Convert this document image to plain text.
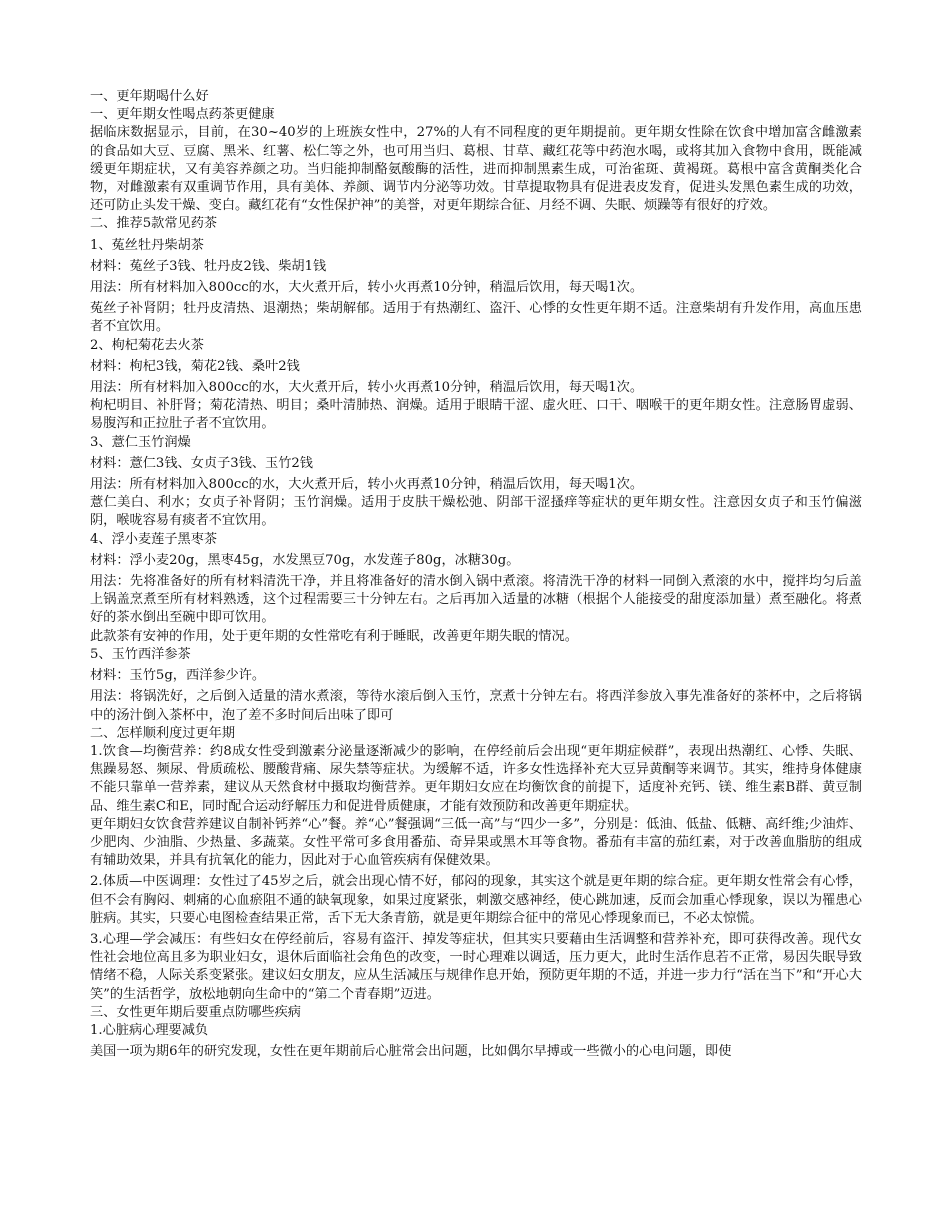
一、更年期喝什么好

一、更年期女性喝点药茶更健康

据临床数据显示，目前，在30~40岁的上班族女性中，27%的人有不同程度的更年期提前。更年期女性除在饮食中增加富含雌激素的食品如大豆、豆腐、黑米、红薯、松仁等之外，也可用当归、葛根、甘草、藏红花等中药泡水喝，或将其加入食物中食用，既能减缓更年期症状，又有美容养颜之功。当归能抑制酪氨酸酶的活性，进而抑制黑素生成，可治雀斑、黄褐斑。葛根中富含黄酮类化合物，对雌激素有双重调节作用，具有美体、养颜、调节内分泌等功效。甘草提取物具有促进表皮发育，促进头发黑色素生成的功效，还可防止头发干燥、变白。藏红花有“女性保护神”的美誉，对更年期综合征、月经不调、失眠、烦躁等有很好的疗效。

二、推荐5款常见药茶

1、菟丝牡丹柴胡茶

材料：菟丝子3钱、牡丹皮2钱、柴胡1钱

用法：所有材料加入800cc的水，大火煮开后，转小火再煮10分钟，稍温后饮用，每天喝1次。

菟丝子补肾阴；牡丹皮清热、退潮热；柴胡解郁。适用于有热潮红、盗汗、心悸的女性更年期不适。注意柴胡有升发作用，高血压患者不宜饮用。

2、枸杞菊花去火茶

材料：枸杞3钱，菊花2钱、桑叶2钱

用法：所有材料加入800cc的水，大火煮开后，转小火再煮10分钟，稍温后饮用，每天喝1次。

枸杞明目、补肝肾；菊花清热、明目；桑叶清肺热、润燥。适用于眼睛干涩、虚火旺、口干、咽喉干的更年期女性。注意肠胃虚弱、易腹泻和正拉肚子者不宜饮用。

3、薏仁玉竹润燥

材料：薏仁3钱、女贞子3钱、玉竹2钱

用法：所有材料加入800cc的水，大火煮开后，转小火再煮10分钟，稍温后饮用，每天喝1次。

薏仁美白、利水；女贞子补肾阴；玉竹润燥。适用于皮肤干燥松弛、阴部干涩搔痒等症状的更年期女性。注意因女贞子和玉竹偏滋阴，喉咙容易有痰者不宜饮用。

4、浮小麦莲子黑枣茶

材料：浮小麦20g，黑枣45g，水发黑豆70g，水发莲子80g，冰糖30g。

用法：先将准备好的所有材料清洗干净，并且将准备好的清水倒入锅中煮滚。将清洗干净的材料一同倒入煮滚的水中，搅拌均匀后盖上锅盖烹煮至所有材料熟透，这个过程需要三十分钟左右。之后再加入适量的冰糖（根据个人能接受的甜度添加量）煮至融化。将煮好的茶水倒出至碗中即可饮用。

此款茶有安神的作用，处于更年期的女性常吃有利于睡眠，改善更年期失眠的情况。

5、玉竹西洋参茶

材料：玉竹5g，西洋参少许。

用法：将锅洗好，之后倒入适量的清水煮滚，等待水滚后倒入玉竹，烹煮十分钟左右。将西洋参放入事先准备好的茶杯中，之后将锅中的汤汁倒入茶杯中，泡了差不多时间后出味了即可

二、怎样顺利度过更年期

1.饮食—均衡营养：约8成女性受到激素分泌量逐渐减少的影响，在停经前后会出现“更年期症候群”，表现出热潮红、心悸、失眠、焦躁易怒、频尿、骨质疏松、腰酸背痛、尿失禁等症状。为缓解不适，许多女性选择补充大豆异黄酮等来调节。其实，维持身体健康不能只靠单一营养素，建议从天然食材中摄取均衡营养。更年期妇女应在均衡饮食的前提下，适度补充钙、镁、维生素B群、黄豆制品、维生素C和E，同时配合运动纾解压力和促进骨质健康，才能有效预防和改善更年期症状。

更年期妇女饮食营养建议自制补钙养“心”餐。养“心”餐强调“三低一高”与“四少一多”，分别是：低油、低盐、低糖、高纤维;少油炸、少肥肉、少油脂、少热量、多蔬菜。女性平常可多食用番茄、奇异果或黑木耳等食物。番茄有丰富的茄红素，对于改善血脂肪的组成有辅助效果，并具有抗氧化的能力，因此对于心血管疾病有保健效果。

2.体质—中医调理：女性过了45岁之后，就会出现心情不好，郁闷的现象，其实这个就是更年期的综合症。更年期女性常会有心悸，但不会有胸闷、刺痛的心血瘀阻不通的缺氧现象，如果过度紧张，刺激交感神经，使心跳加速，反而会加重心悸现象，误以为罹患心脏病。其实，只要心电图检查结果正常，舌下无大条青筋，就是更年期综合征中的常见心悸现象而已，不必太惊慌。

3.心理—学会减压：有些妇女在停经前后，容易有盗汗、掉发等症状，但其实只要藉由生活调整和营养补充，即可获得改善。现代女性社会地位高且多为职业妇女，退休后面临社会角色的改变，一时心理难以调适，压力更大，此时生活作息若不正常，易因失眠导致情绪不稳，人际关系变紧张。建议妇女朋友，应从生活减压与规律作息开始，预防更年期的不适，并进一步力行“活在当下”和“开心大笑”的生活哲学，放松地朝向生命中的“第二个青春期”迈进。

三、女性更年期后要重点防哪些疾病

1.心脏病心理要减负

美国一项为期6年的研究发现，女性在更年期前后心脏常会出问题，比如偶尔早搏或一些微小的心电问题，即使
